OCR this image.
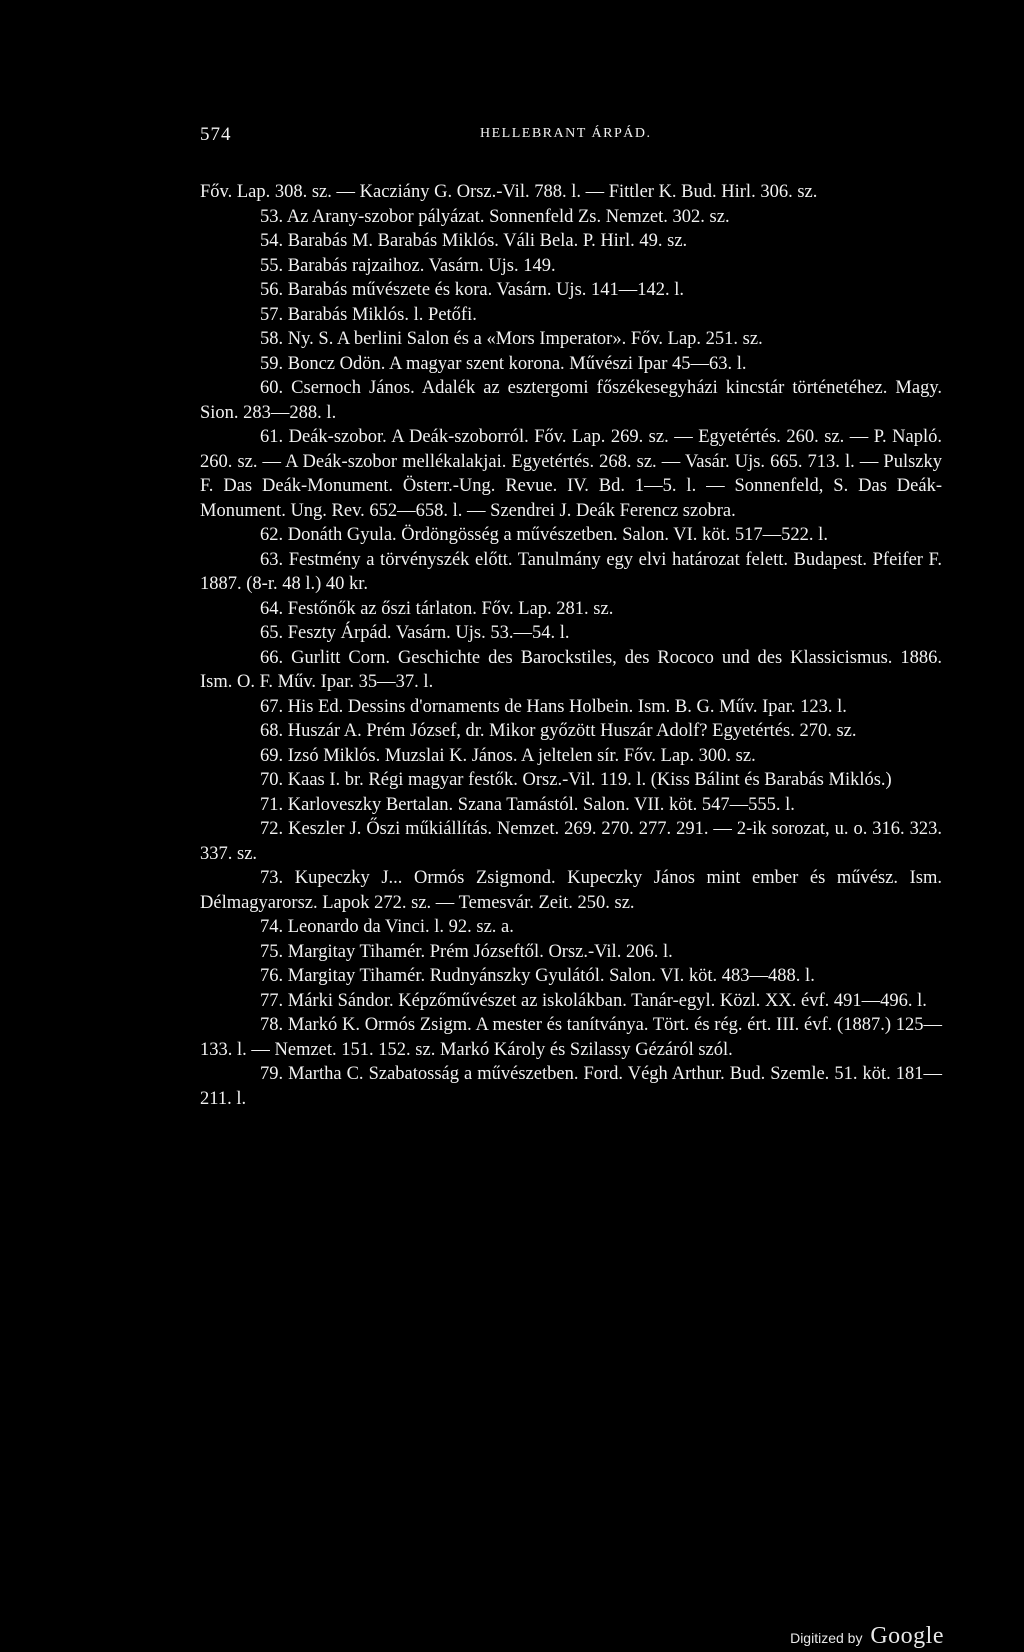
574	HELLEBRANT ÁRPÁD.

Főv. Lap. 308. sz. — Kacziány G. Orsz.-Vil. 788. l. — Fittler K. Bud. Hirl. 306. sz.

53. Az Arany-szobor pályázat. Sonnenfeld Zs. Nemzet. 302. sz.

54. Barabás M. Barabás Miklós. Váli Bela. P. Hirl. 49. sz.

55. Barabás rajzaihoz. Vasárn. Ujs. 149.

56. Barabás művészete és kora. Vasárn. Ujs. 141—142. l.

57. Barabás Miklós. l. Petőfi.

58. Ny. S. A berlini Salon és a «Mors Imperator». Főv. Lap. 251. sz.

59. Boncz Odön. A magyar szent korona. Művészi Ipar 45—63. l.

60. Csernoch János. Adalék az esztergomi főszékesegyházi kincstár történetéhez. Magy. Sion. 283—288. l.

61. Deák-szobor. A Deák-szoborról. Főv. Lap. 269. sz. — Egyetértés. 260. sz. — P. Napló. 260. sz. — A Deák-szobor mellékalakjai. Egyetértés. 268. sz. — Vasár. Ujs. 665. 713. l. — Pulszky F. Das Deák-Monument. Österr.-Ung. Revue. IV. Bd. 1—5. l. — Sonnenfeld, S. Das Deák-Monument. Ung. Rev. 652—658. l. — Szendrei J. Deák Ferencz szobra.

62. Donáth Gyula. Ördöngösség a művészetben. Salon. VI. köt. 517—522. l.

63. Festmény a törvényszék előtt. Tanulmány egy elvi határozat felett. Budapest. Pfeifer F. 1887. (8-r. 48 l.) 40 kr.

64. Festőnők az őszi tárlaton. Főv. Lap. 281. sz.

65. Feszty Árpád. Vasárn. Ujs. 53.—54. l.

66. Gurlitt Corn. Geschichte des Barockstiles, des Rococo und des Klassicismus. 1886. Ism. O. F. Műv. Ipar. 35—37. l.

67. His Ed. Dessins d'ornaments de Hans Holbein. Ism. B. G. Műv. Ipar. 123. l.

68. Huszár A. Prém József, dr. Mikor győzött Huszár Adolf? Egyetértés. 270. sz.

69. Izsó Miklós. Muzslai K. János. A jeltelen sír. Főv. Lap. 300. sz.

70. Kaas I. br. Régi magyar festők. Orsz.-Vil. 119. l. (Kiss Bálint és Barabás Miklós.)

71. Karloveszky Bertalan. Szana Tamástól. Salon. VII. köt. 547—555. l.

72. Keszler J. Őszi műkiállítás. Nemzet. 269. 270. 277. 291. — 2-ik sorozat, u. o. 316. 323. 337. sz.

73. Kupeczky J... Ormós Zsigmond. Kupeczky János mint ember és művész. Ism. Délmagyarorsz. Lapok 272. sz. — Temesvár. Zeit. 250. sz.

74. Leonardo da Vinci. l. 92. sz. a.

75. Margitay Tihamér. Prém Józseftől. Orsz.-Vil. 206. l.

76. Margitay Tihamér. Rudnyánszky Gyulától. Salon. VI. köt. 483—488. l.

77. Márki Sándor. Képzőművészet az iskolákban. Tanár-egyl. Közl. XX. évf. 491—496. l.

78. Markó K. Ormós Zsigm. A mester és tanítványa. Tört. és rég. ért. III. évf. (1887.) 125—133. l. — Nemzet. 151. 152. sz. Markó Károly és Szilassy Gézáról szól.

79. Martha C. Szabatosság a művészetben. Ford. Végh Arthur. Bud. Szemle. 51. köt. 181—211. l.

Digitized by Google
